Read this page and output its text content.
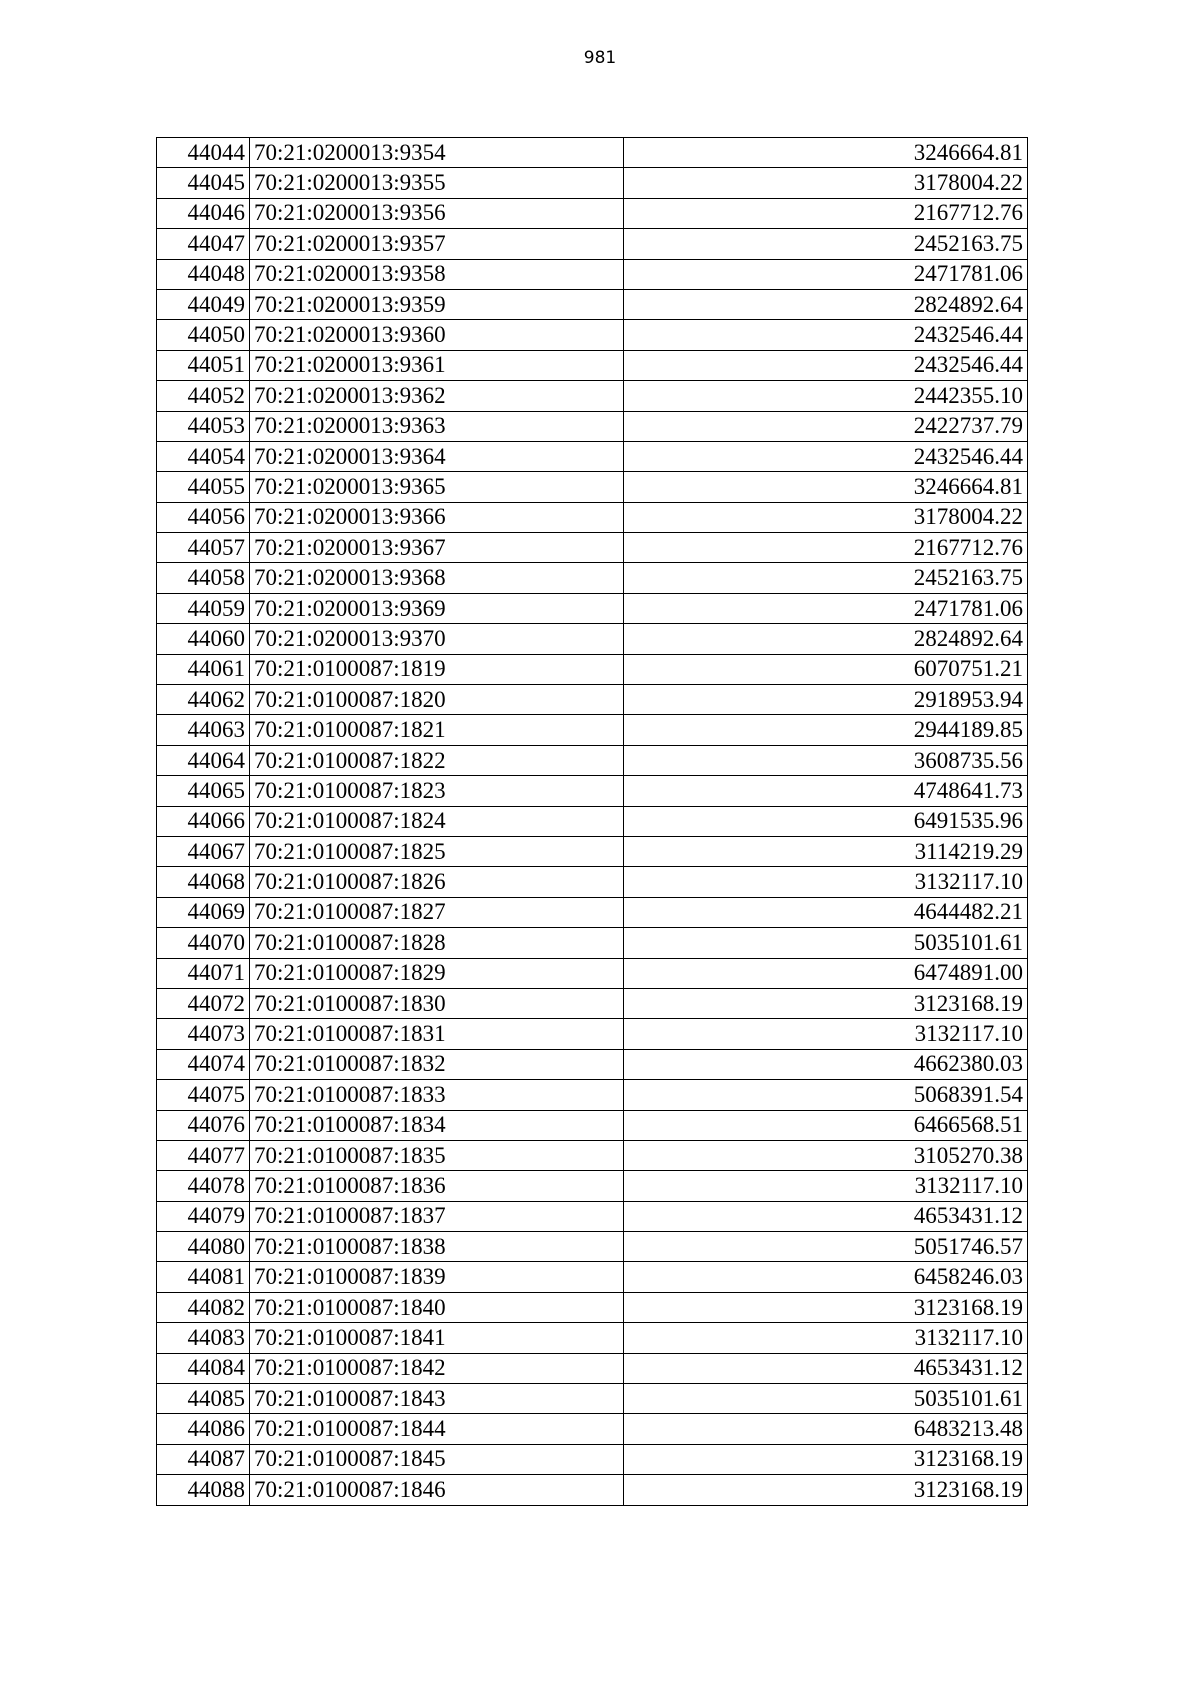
981
44044	70:21:0200013:9354	3246664.81
44045	70:21:0200013:9355	3178004.22
44046	70:21:0200013:9356	2167712.76
44047	70:21:0200013:9357	2452163.75
44048	70:21:0200013:9358	2471781.06
44049	70:21:0200013:9359	2824892.64
44050	70:21:0200013:9360	2432546.44
44051	70:21:0200013:9361	2432546.44
44052	70:21:0200013:9362	2442355.10
44053	70:21:0200013:9363	2422737.79
44054	70:21:0200013:9364	2432546.44
44055	70:21:0200013:9365	3246664.81
44056	70:21:0200013:9366	3178004.22
44057	70:21:0200013:9367	2167712.76
44058	70:21:0200013:9368	2452163.75
44059	70:21:0200013:9369	2471781.06
44060	70:21:0200013:9370	2824892.64
44061	70:21:0100087:1819	6070751.21
44062	70:21:0100087:1820	2918953.94
44063	70:21:0100087:1821	2944189.85
44064	70:21:0100087:1822	3608735.56
44065	70:21:0100087:1823	4748641.73
44066	70:21:0100087:1824	6491535.96
44067	70:21:0100087:1825	3114219.29
44068	70:21:0100087:1826	3132117.10
44069	70:21:0100087:1827	4644482.21
44070	70:21:0100087:1828	5035101.61
44071	70:21:0100087:1829	6474891.00
44072	70:21:0100087:1830	3123168.19
44073	70:21:0100087:1831	3132117.10
44074	70:21:0100087:1832	4662380.03
44075	70:21:0100087:1833	5068391.54
44076	70:21:0100087:1834	6466568.51
44077	70:21:0100087:1835	3105270.38
44078	70:21:0100087:1836	3132117.10
44079	70:21:0100087:1837	4653431.12
44080	70:21:0100087:1838	5051746.57
44081	70:21:0100087:1839	6458246.03
44082	70:21:0100087:1840	3123168.19
44083	70:21:0100087:1841	3132117.10
44084	70:21:0100087:1842	4653431.12
44085	70:21:0100087:1843	5035101.61
44086	70:21:0100087:1844	6483213.48
44087	70:21:0100087:1845	3123168.19
44088	70:21:0100087:1846	3123168.19
